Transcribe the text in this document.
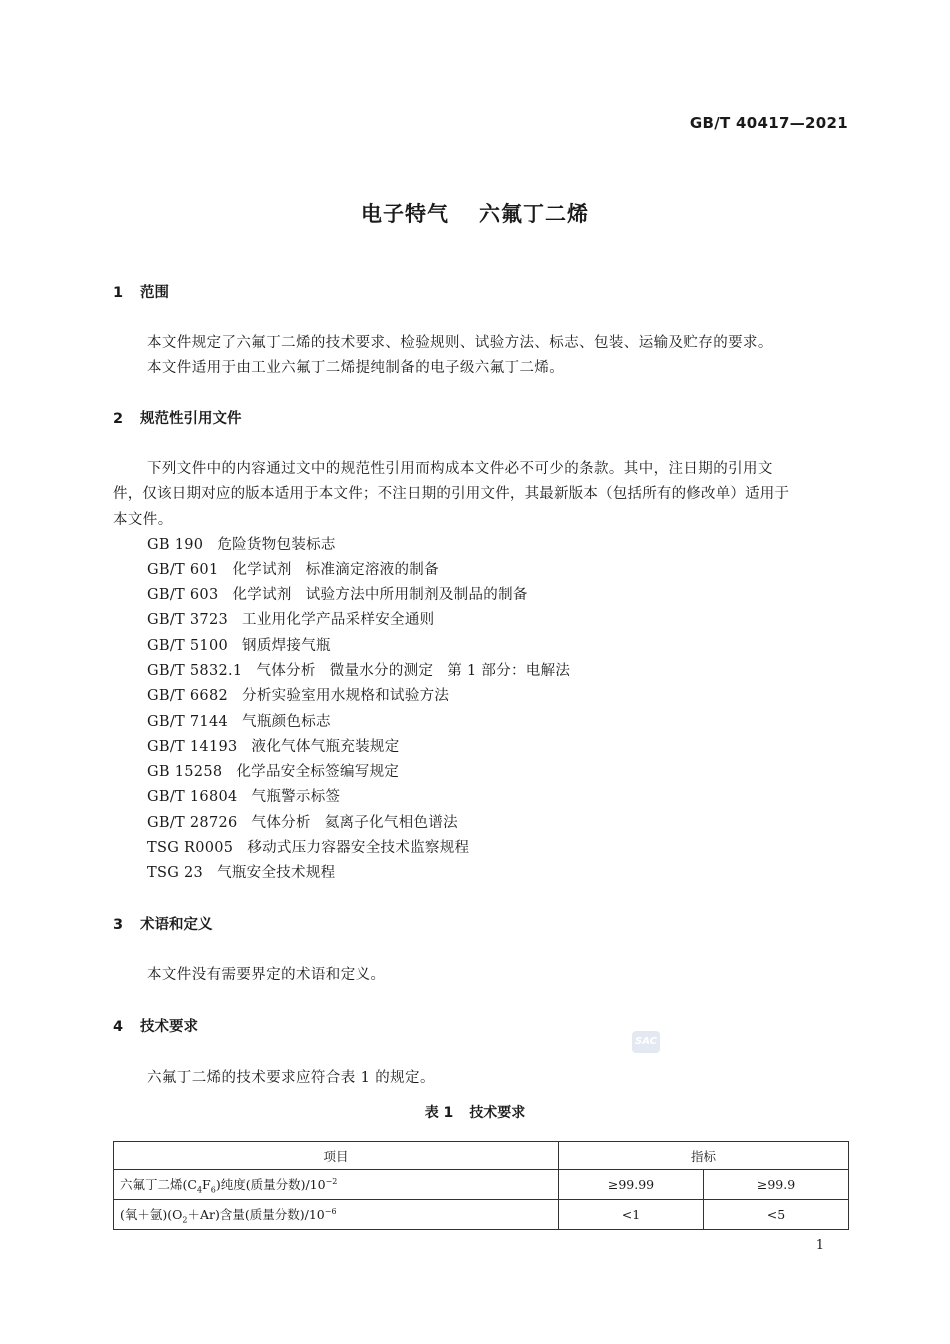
GB/T 40417—2021
电子特气 六氟丁二烯
1 范围
本文件规定了六氟丁二烯的技术要求、检验规则、试验方法、标志、包装、运输及贮存的要求。
本文件适用于由工业六氟丁二烯提纯制备的电子级六氟丁二烯。
2 规范性引用文件
下列文件中的内容通过文中的规范性引用而构成本文件必不可少的条款。其中，注日期的引用文
件，仅该日期对应的版本适用于本文件；不注日期的引用文件，其最新版本（包括所有的修改单）适用于
本文件。
GB 190 危险货物包装标志
GB/T 601 化学试剂 标准滴定溶液的制备
GB/T 603 化学试剂 试验方法中所用制剂及制品的制备
GB/T 3723 工业用化学产品采样安全通则
GB/T 5100 钢质焊接气瓶
GB/T 5832.1 气体分析 微量水分的测定 第 1 部分：电解法
GB/T 6682 分析实验室用水规格和试验方法
GB/T 7144 气瓶颜色标志
GB/T 14193 液化气体气瓶充装规定
GB 15258 化学品安全标签编写规定
GB/T 16804 气瓶警示标签
GB/T 28726 气体分析 氦离子化气相色谱法
TSG R0005 移动式压力容器安全技术监察规程
TSG 23 气瓶安全技术规程
3 术语和定义
本文件没有需要界定的术语和定义。
4 技术要求
SAC
六氟丁二烯的技术要求应符合表 1 的规定。
表 1 技术要求
项目	指标	
六氟丁二烯$(C_4F_6)$纯度(质量分数)$/10^{-2}$	≥99.99	≥99.9
(氧＋氩)$(O_2+Ar)$含量(质量分数)$/10^{-6}$	<1	<5
1
